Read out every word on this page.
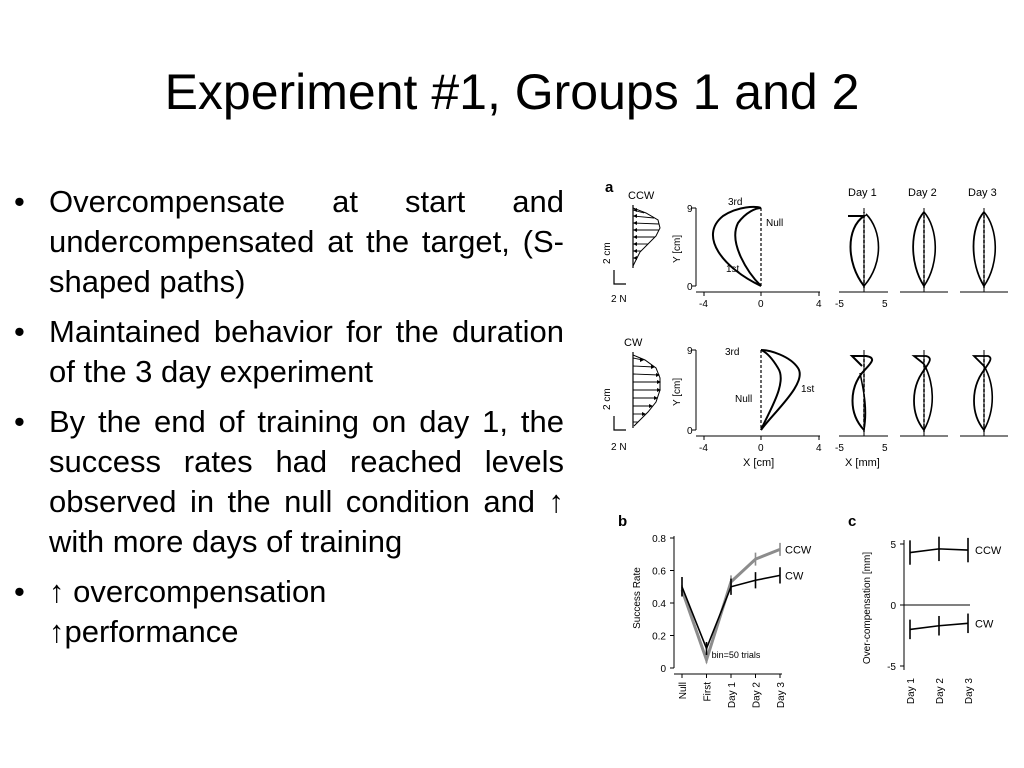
Experiment #1, Groups 1 and 2
• Overcompensate at start and undercompensated at the target, (S-shaped paths)
• Maintained behavior for the duration of the 3 day experiment
• By the end of training on day 1, the success rates had reached levels observed in the null condition and ↑ with more days of training
• ↑ overcompensation
↑performance
a CCW
2 cm
2 N
9
0
-4	0	4
Y [cm]
3rd
Null
1st
Day 1	Day 2	Day 3
-5	5
CW
2 cm
2 N
9
0
-4	0	4
X [cm]
Y [cm]
3rd
Null
1st
-5	5
X [mm]
b
Success Rate
0
0.2
0.4
0.6
0.8
Null First Day 1 Day 2 Day 3
CCW
CW
bin=50 trials
c
Over-compensation [mm]
5
0
-5
Day 1 Day 2 Day 3
CCW
CW
